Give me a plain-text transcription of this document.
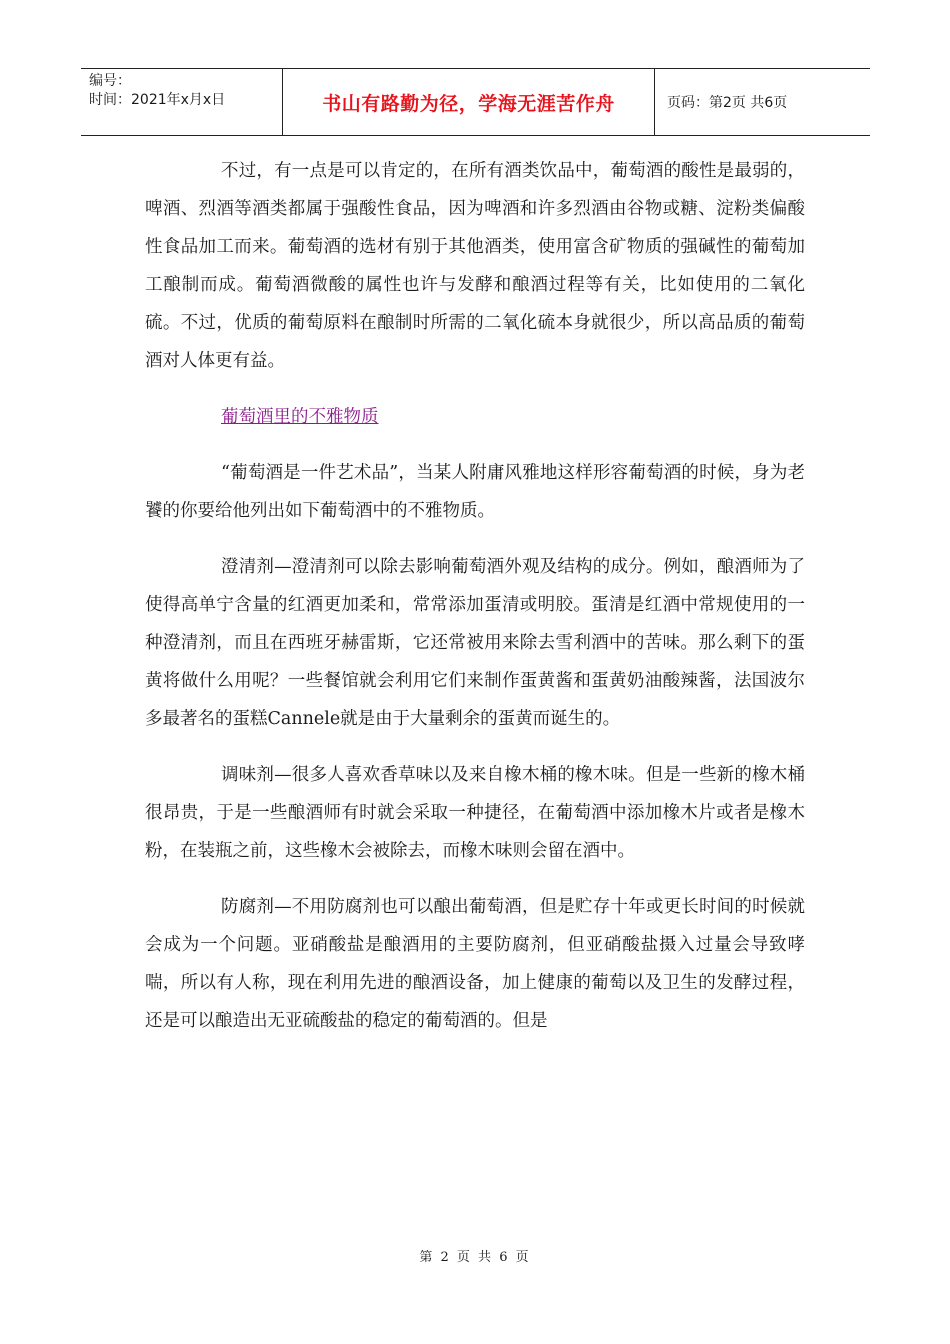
编号：
时间：2021年x月x日	书山有路勤为径，学海无涯苦作舟	页码：第2页 共6页

不过，有一点是可以肯定的，在所有酒类饮品中，葡萄酒的酸性是最弱的，啤酒、烈酒等酒类都属于强酸性食品，因为啤酒和许多烈酒由谷物或糖、淀粉类偏酸性食品加工而来。葡萄酒的选材有别于其他酒类，使用富含矿物质的强碱性的葡萄加工酿制而成。葡萄酒微酸的属性也许与发酵和酿酒过程等有关，比如使用的二氧化硫。不过，优质的葡萄原料在酿制时所需的二氧化硫本身就很少，所以高品质的葡萄酒对人体更有益。

葡萄酒里的不雅物质

“葡萄酒是一件艺术品”，当某人附庸风雅地这样形容葡萄酒的时候，身为老饕的你要给他列出如下葡萄酒中的不雅物质。

澄清剂—澄清剂可以除去影响葡萄酒外观及结构的成分。例如，酿酒师为了使得高单宁含量的红酒更加柔和，常常添加蛋清或明胶。蛋清是红酒中常规使用的一种澄清剂，而且在西班牙赫雷斯，它还常被用来除去雪利酒中的苦味。那么剩下的蛋黄将做什么用呢？一些餐馆就会利用它们来制作蛋黄酱和蛋黄奶油酸辣酱，法国波尔多最著名的蛋糕Cannele就是由于大量剩余的蛋黄而诞生的。

调味剂—很多人喜欢香草味以及来自橡木桶的橡木味。但是一些新的橡木桶很昂贵，于是一些酿酒师有时就会采取一种捷径，在葡萄酒中添加橡木片或者是橡木粉，在装瓶之前，这些橡木会被除去，而橡木味则会留在酒中。

防腐剂—不用防腐剂也可以酿出葡萄酒，但是贮存十年或更长时间的时候就会成为一个问题。亚硝酸盐是酿酒用的主要防腐剂，但亚硝酸盐摄入过量会导致哮喘，所以有人称，现在利用先进的酿酒设备，加上健康的葡萄以及卫生的发酵过程，还是可以酿造出无亚硫酸盐的稳定的葡萄酒的。但是

第 2 页 共 6 页
